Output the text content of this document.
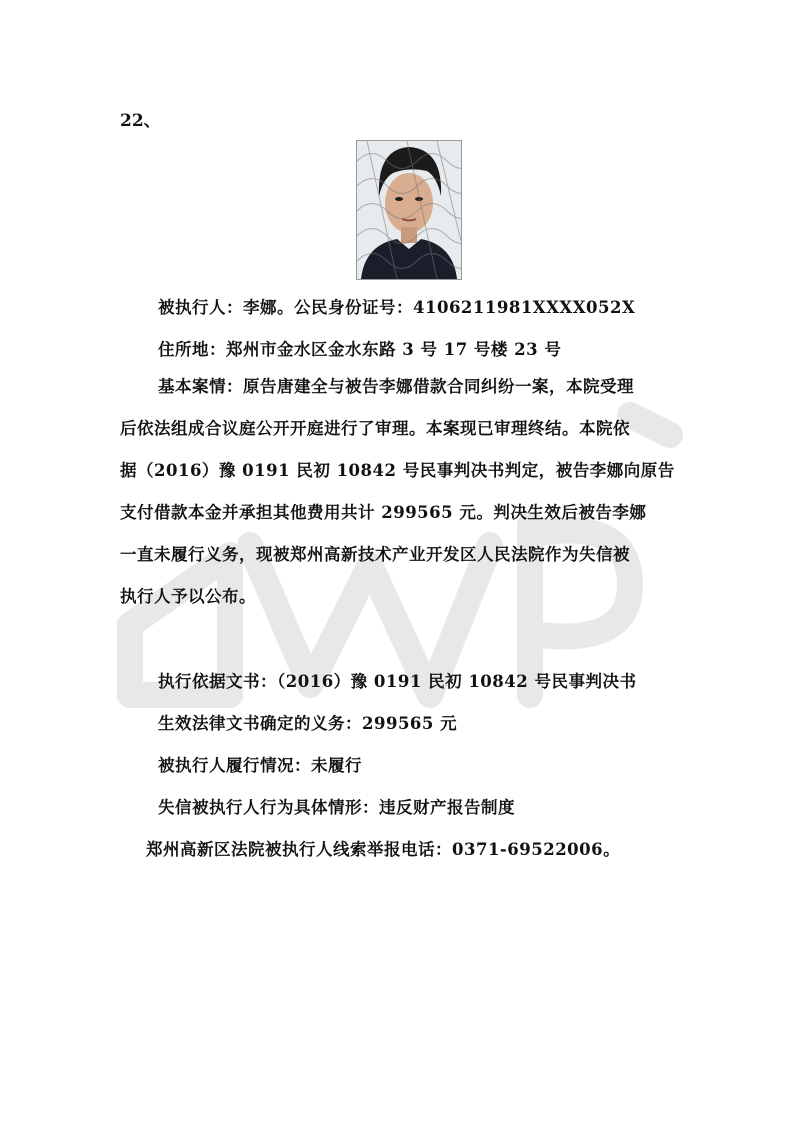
22、
被执行人：李娜。公民身份证号：4106211981XXXX052X
住所地：郑州市金水区金水东路 3 号 17 号楼 23 号
基本案情：原告唐建全与被告李娜借款合同纠纷一案，本院受理
后依法组成合议庭公开开庭进行了审理。本案现已审理终结。本院依
据（2016）豫 0191 民初 10842 号民事判决书判定，被告李娜向原告
支付借款本金并承担其他费用共计 299565 元。判决生效后被告李娜
一直未履行义务，现被郑州高新技术产业开发区人民法院作为失信被
执行人予以公布。
执行依据文书：（2016）豫 0191 民初 10842 号民事判决书
生效法律文书确定的义务：299565 元
被执行人履行情况：未履行
失信被执行人行为具体情形：违反财产报告制度
郑州高新区法院被执行人线索举报电话：0371-69522006。
